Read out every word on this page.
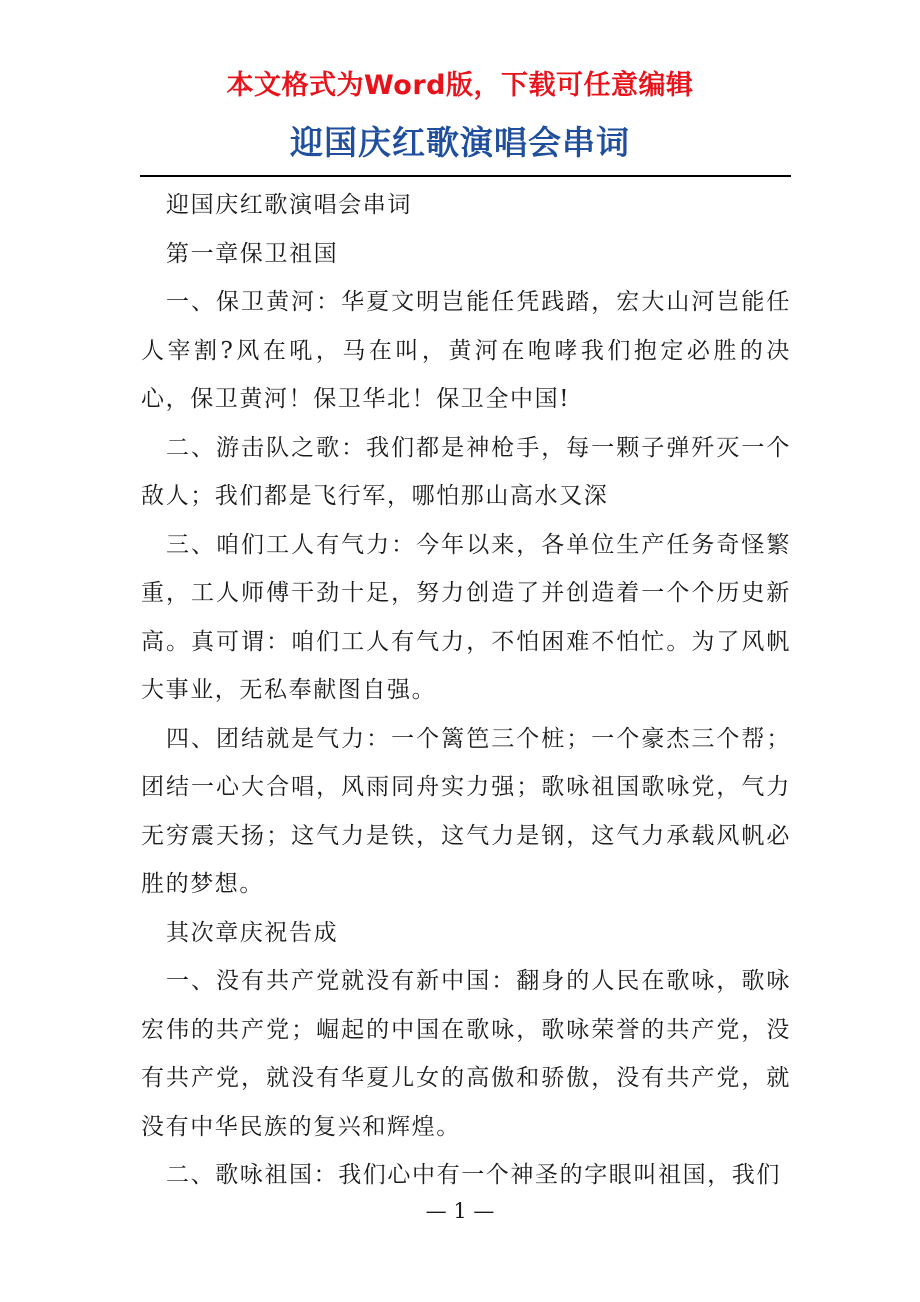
本文格式为Word版，下载可任意编辑
迎国庆红歌演唱会串词

迎国庆红歌演唱会串词

第一章保卫祖国

一、保卫黄河：华夏文明岂能任凭践踏，宏大山河岂能任人宰割?风在吼，马在叫，黄河在咆哮我们抱定必胜的决心，保卫黄河！保卫华北！保卫全中国!

二、游击队之歌：我们都是神枪手，每一颗子弹歼灭一个敌人；我们都是飞行军，哪怕那山高水又深

三、咱们工人有气力：今年以来，各单位生产任务奇怪繁重，工人师傅干劲十足，努力创造了并创造着一个个历史新高。真可谓：咱们工人有气力，不怕困难不怕忙。为了风帆大事业，无私奉献图自强。

四、团结就是气力：一个篱笆三个桩；一个豪杰三个帮；团结一心大合唱，风雨同舟实力强；歌咏祖国歌咏党，气力无穷震天扬；这气力是铁，这气力是钢，这气力承载风帆必胜的梦想。

其次章庆祝告成

一、没有共产党就没有新中国：翻身的人民在歌咏，歌咏宏伟的共产党；崛起的中国在歌咏，歌咏荣誉的共产党，没有共产党，就没有华夏儿女的高傲和骄傲，没有共产党，就没有中华民族的复兴和辉煌。

二、歌咏祖国：我们心中有一个神圣的字眼叫祖国，我们

— 1 —
